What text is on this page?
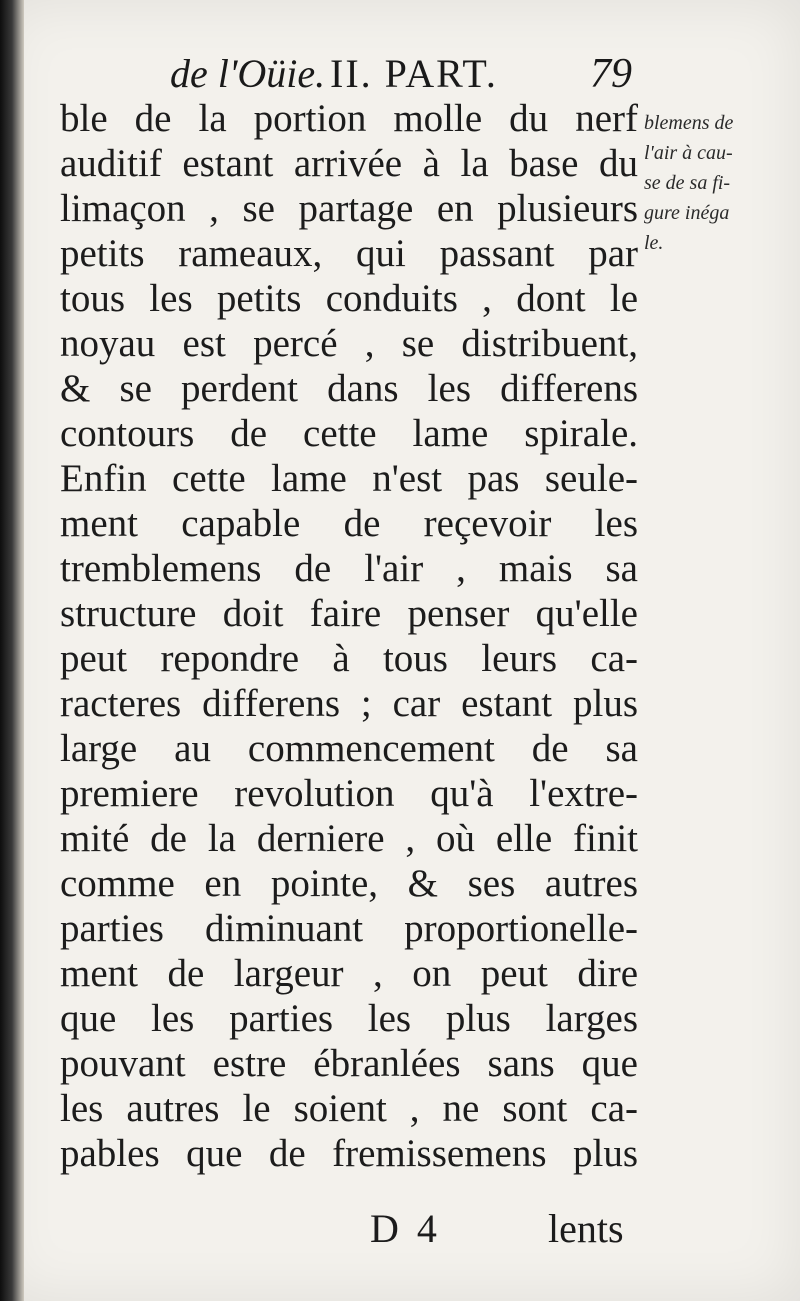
de l'Oüie. II. PART. 79
ble de la portion molle du nerf
auditif estant arrivée à la base du
limaçon , se partage en plusieurs
petits rameaux, qui passant par
tous les petits conduits , dont le
noyau est percé , se distribuent,
& se perdent dans les differens
contours de cette lame spirale.
Enfin cette lame n'est pas seule-
ment capable de reçevoir les
tremblemens de l'air , mais sa
structure doit faire penser qu'elle
peut repondre à tous leurs ca-
racteres differens ; car estant plus
large au commencement de sa
premiere revolution qu'à l'extre-
mité de la derniere , où elle finit
comme en pointe, & ses autres
parties diminuant proportionelle-
ment de largeur , on peut dire
que les parties les plus larges
pouvant estre ébranlées sans que
les autres le soient , ne sont ca-
pables que de fremissemens plus
blemens de
l'air à cau-
se de sa fi-
gure inéga
le.
D 4	lents
